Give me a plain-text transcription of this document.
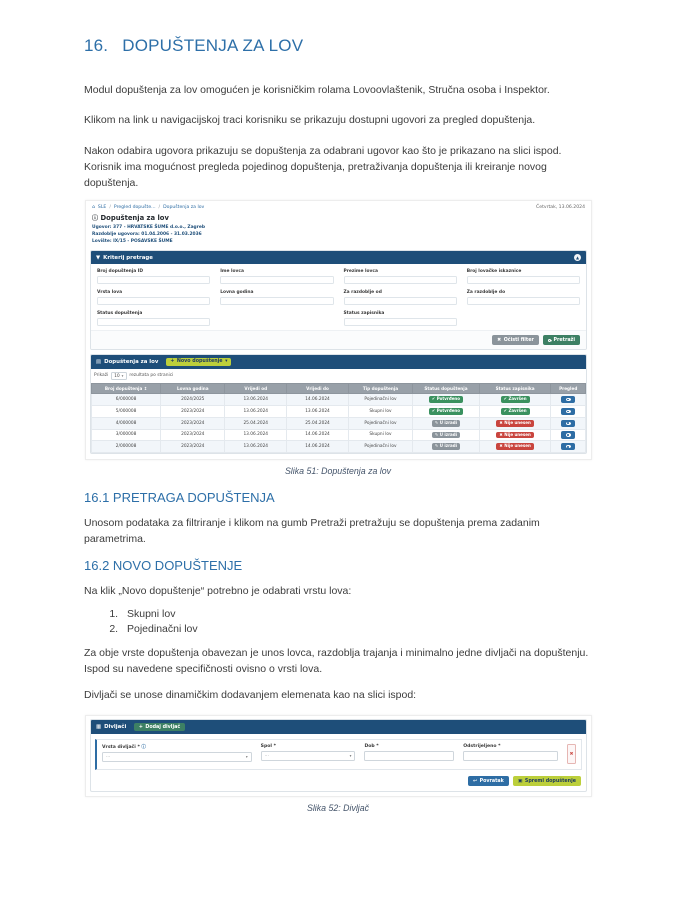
16. DOPUŠTENJA ZA LOV

Modul dopuštenja za lov omogućen je korisničkim rolama Lovoovlaštenik, Stručna osoba i Inspektor.

Klikom na link u navigacijskoj traci korisniku se prikazuju dostupni ugovori za pregled dopuštenja.

Nakon odabira ugovora prikazuju se dopuštenja za odabrani ugovor kao što je prikazano na slici ispod. Korisnik ima mogućnost pregleda pojedinog dopuštenja, pretraživanja dopuštenja ili kreiranje novog dopuštenja.

⌂ SLE / Pregled dopušte... / Dopuštenja za lov	Četvrtak, 13.06.2024
ⓘ Dopuštenja za lov
Ugovor: 377 - HRVATSKE ŠUME d.o.o., Zagreb
Razdoblje ugovora: 01.04.2006 - 31.03.2036
Lovište: IX/15 - POSAVSKE ŠUME
▼ Kriterij pretrage	▲
Broj dopuštenja ID	Ime lovca	Prezime lovca	Broj lovačke iskaznice
Vrsta lova	Lovna godina	Za razdoblje od	Za razdoblje do
Status dopuštenja	Status zapisnika
✖ Očisti filter	Pretraži
▤ Dopuštenja za lov	+ Novo dopuštenje ▾
Prikaži 10 ▾ rezultata po stranici
Broj dopuštenja ↕	Lovna godina	Vrijedi od	Vrijedi do	Tip dopuštenja	Status dopuštenja	Status zapisnika	Pregled
6/000008	2024/2025	13.06.2024	14.06.2024	Pojedinačni lov	✔ Potvrđeno	✔ Završen

5/000008	2023/2024	13.06.2024	13.06.2024	Skupni lov	✔ Potvrđeno	✔ Završen

4/000008	2023/2024	25.04.2024	25.04.2024	Pojedinačni lov	✎ U izradi	✖ Nije unesen

3/000008	2023/2024	13.06.2024	14.06.2024	Skupni lov	✎ U izradi	✖ Nije unesen

2/000008	2023/2024	13.06.2024	14.06.2024	Pojedinačni lov	✎ U izradi	✖ Nije unesen

Slika 51: Dopuštenja za lov
16.1 PRETRAGA DOPUŠTENJA

Unosom podataka za filtriranje i klikom na gumb Pretraži pretražuju se dopuštenja prema zadanim parametrima.

16.2 NOVO DOPUŠTENJE

Na klik „Novo dopuštenje“ potrebno je odabrati vrstu lova:

1. Skupni lov
2. Pojedinačni lov

Za obje vrste dopuštenja obavezan je unos lovca, razdoblja trajanja i minimalno jedne divljači na dopuštenju. Ispod su navedene specifičnosti ovisno o vrsti lova.

Divljači se unose dinamičkim dodavanjem elemenata kao na slici ispod:

▦ Divljači	+ Dodaj divljač
Vrsta divljači * ⓘ
...	▾
Spol *
...	▾
Dob *	Odstrijeljeno *
✖
↩ Povratak	▣ Spremi dopuštenje
Slika 52: Divljač
